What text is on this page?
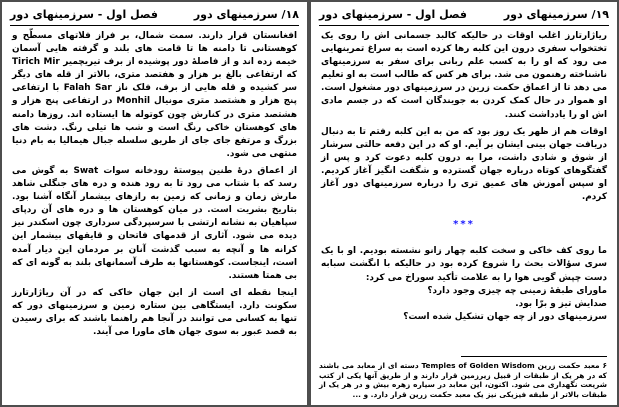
۱۹/ سرزمینهای دور
فصل اول - سرزمینهای دور

ریاژارتارز اغلب اوقات در حالیکه کالبد جسمانی اش را روی یک تختخواب سفری درون این کلبه رها کرده است به سراغ تمرینهایی می رود که او را به کسب علم ربانی برای سفر به سرزمینهای ناشناخته رهنمون می شد. برای هر کس که طالب است به او تعلیم می دهد تا از اعماق حکمت زرین در سرزمینهای دور مشغول است. او هموار در حال کمک کردن به جویندگان است که در جسم مادی اش او را یادداشت کنند.

اوقات هم از ظهر یک روز بود که من به این کلبه رفتم تا به دنبال دریافت جهان بینی ایشان بر آیم. او که در این دفعه حالتی سرشار از شوق و شادی داشت، مرا به درون کلبه دعوت کرد و پس از گفتگوهای کوتاه درباره جهان گسترده و شگفت انگیز آغاز کردیم. او سپس آموزش های عمیق تری را درباره سرزمینهای دور آغاز کردم.

***

ما روی کف خاکی و سخت کلبه چهار زانو نشسته بودیم. او با یک سری سؤالات بحث را شروع کرده بود در حالیکه با انگشت سبابه دست چپش گویی هوا را به علامت تأکید سوراخ می کرد:

ماورای طبقهٔ زمینی چه چیزی وجود دارد؟

صدایش تیز و برّا بود.

سرزمینهای دور از چه جهان تشکیل شده است؟

۶ معبد حکمت زرین Temples of Golden Wisdom دسته ای از معابد می باشند که در هر یک از طبقات از قبیل زیرزمین قرار دارند و از طریق آنها یکی از کتب شریعت نگهداری می شود. اکنون، این معابد در سیاره زهره بیش و در هر یک از طبقات بالاتر از طبقه فیزیکی نیز یک معبد حکمت زرین قرار دارد. و ...
۱۸/ سرزمینهای دور
فصل اول - سرزمینهای دور

افغانستان قرار دارند. سمت شمال، بر فراز فلاتهای مسطّح و کوهستانی تا دامنه ها تا قامت های بلند و گرفته هایی آسمان خیمه زده اند و از فاصلهٔ دور پوشیده از برف تیریچمیر Tirich Mir که ارتفاعی بالغ بر هزار و هفتصد متری، بالاتر از قله های دیگر سر کشیده و قله هایی از برف، فلک ناز Falah Sar با ارتفاعی پنج هزار و هشتصد متری مونیال Monhil در ارتفاعی پنج هزار و هشتصد متری در کنارش چون کوتوله ها ایستاده اند. روزها دامنه های کوهستان خاکی رنگ است و شب ها تیلی رنگ. دشت های بزرگ و مرتفع جای جای از طریق سلسله جبال هیمالیا به بام دنیا منتهی می شود.

از اعماق درهٔ طنین پیوستهٔ رودخانه سوات Swat به گوش می رسد که با شتاب می رود تا به رود هنده و دره های جنگلی شاهد مارش زمان و زمانی که زمین به رازهای بیشمار آنگاه آشنا بود. بتاریخ بشریت است. در میان کوهستان ها و دره های آن ردپای سپاهیان به نشانه ارتشی با سرسپردگی سرداری چون اسکندر نیز دیده می شود. آثاری از قدمهای فاتحان و قایقهای بیشمار این کرانه ها و آنچه به سبب گذشت آنان بر مردمان این دیار آمده است، اینجاست. کوهستانها به طرف آسمانهای بلند به گونه ای که بی همتا هستند.

اینجا نقطه ای است از این جهان خاکی که در آن ریاژارتارز سکونت دارد. ایستگاهی بین ستاره زمین و سرزمینهای دور که تنها به کسانی می توانند در آنجا هم راهنما باشند که برای رسیدن به قصد عبور به سوی جهان های ماورا می آیند.
